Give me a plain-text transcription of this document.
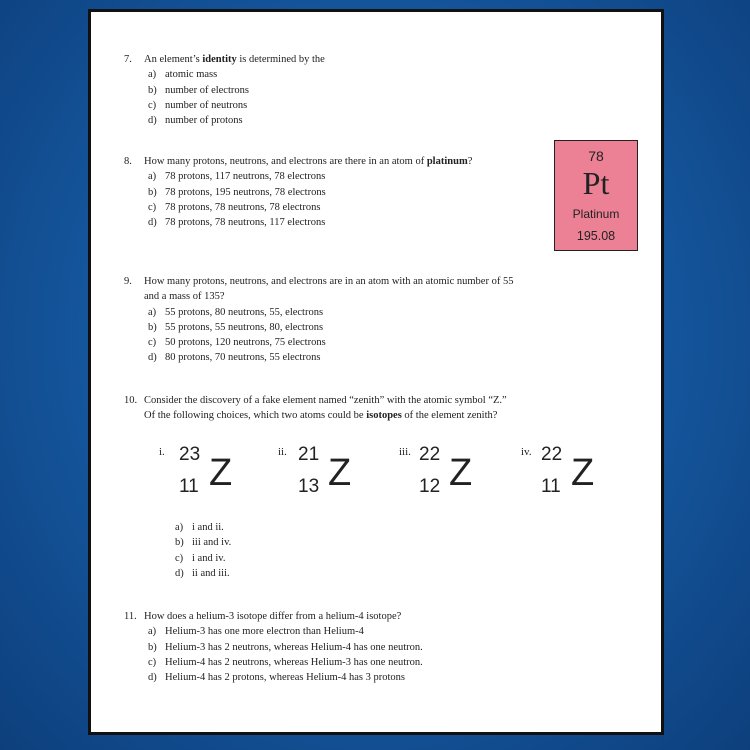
7.	An element’s identity is determined by the
a) atomic mass
b) number of electrons
c) number of neutrons
d) number of protons
8.	How many protons, neutrons, and electrons are there in an atom of platinum?
a) 78 protons, 117 neutrons, 78 electrons
b) 78 protons, 195 neutrons, 78 electrons
c) 78 protons, 78 neutrons, 78 electrons
d) 78 protons, 78 neutrons, 117 electrons
78
Pt
Platinum
195.08
9.	How many protons, neutrons, and electrons are in an atom with an atomic number of 55
and a mass of 135?
a) 55 protons, 80 neutrons, 55, electrons
b) 55 protons, 55 neutrons, 80, electrons
c) 50 protons, 120 neutrons, 75 electrons
d) 80 protons, 70 neutrons, 55 electrons
10. Consider the discovery of a fake element named “zenith” with the atomic symbol “Z.”
Of the following choices, which two atoms could be isotopes of the element zenith?
i. 23
11 Z	ii. 21
13 Z	iii. 22
12 Z	iv. 22
11 Z
a) i and ii.
b) iii and iv.
c) i and iv.
d) ii and iii.
11. How does a helium-3 isotope differ from a helium-4 isotope?
a) Helium-3 has one more electron than Helium-4
b) Helium-3 has 2 neutrons, whereas Helium-4 has one neutron.
c) Helium-4 has 2 neutrons, whereas Helium-3 has one neutron.
d) Helium-4 has 2 protons, whereas Helium-4 has 3 protons
